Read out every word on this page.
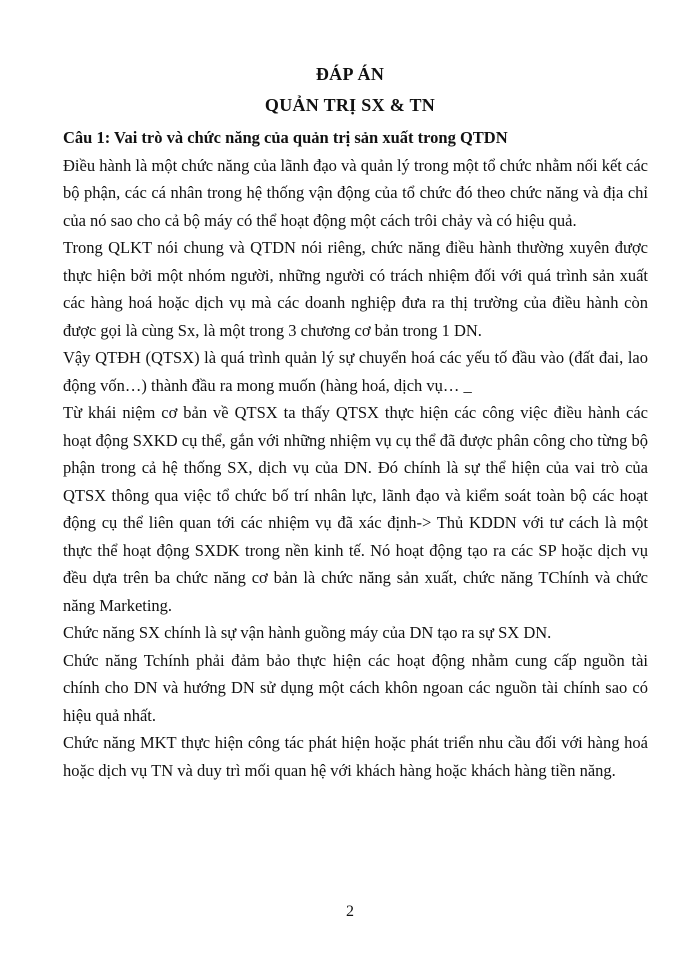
ĐÁP ÁN
QUẢN TRỊ SX & TN
Câu 1: Vai trò và chức năng của quản trị sản xuất trong QTDN

Điều hành là một chức năng của lãnh đạo và quản lý trong một tổ chức nhằm nối kết các bộ phận, các cá nhân trong hệ thống vận động của tổ chức đó theo chức năng và địa chỉ của nó sao cho cả bộ máy có thể hoạt động một cách trôi chảy và có hiệu quả.

Trong QLKT nói chung và QTDN nói riêng, chức năng điều hành thường xuyên được thực hiện bởi một nhóm người, những người có trách nhiệm đối với quá trình sản xuất các hàng hoá hoặc dịch vụ mà các doanh nghiệp đưa ra thị trường của điều hành còn được gọi là cùng Sx, là một trong 3 chương cơ bản trong 1 DN.

Vậy QTĐH (QTSX) là quá trình quản lý sự chuyển hoá các yếu tố đầu vào (đất đai, lao động vốn…) thành đầu ra mong muốn (hàng hoá, dịch vụ… _

Từ khái niệm cơ bản về QTSX ta thấy QTSX thực hiện các công việc điều hành các hoạt động SXKD cụ thể, gắn với những nhiệm vụ cụ thể đã được phân công cho từng bộ phận trong cả hệ thống SX, dịch vụ của DN. Đó chính là sự thể hiện của vai trò của QTSX thông qua việc tổ chức bố trí nhân lực, lãnh đạo và kiểm soát toàn bộ các hoạt động cụ thể liên quan tới các nhiệm vụ đã xác định-> Thủ KDDN với tư cách là một thực thể hoạt động SXDK trong nền kinh tế. Nó hoạt động tạo ra các SP hoặc dịch vụ đều dựa trên ba chức năng cơ bản là chức năng sản xuất, chức năng TChính và chức năng Marketing.

Chức năng SX chính là sự vận hành guồng máy của DN tạo ra sự SX DN.

Chức năng Tchính phải đảm bảo thực hiện các hoạt động nhằm cung cấp nguồn tài chính cho DN và hướng DN sử dụng một cách khôn ngoan các nguồn tài chính sao có hiệu quả nhất.

Chức năng MKT thực hiện công tác phát hiện hoặc phát triển nhu cầu đối với hàng hoá hoặc dịch vụ TN và duy trì mối quan hệ với khách hàng hoặc khách hàng tiền năng.

2
